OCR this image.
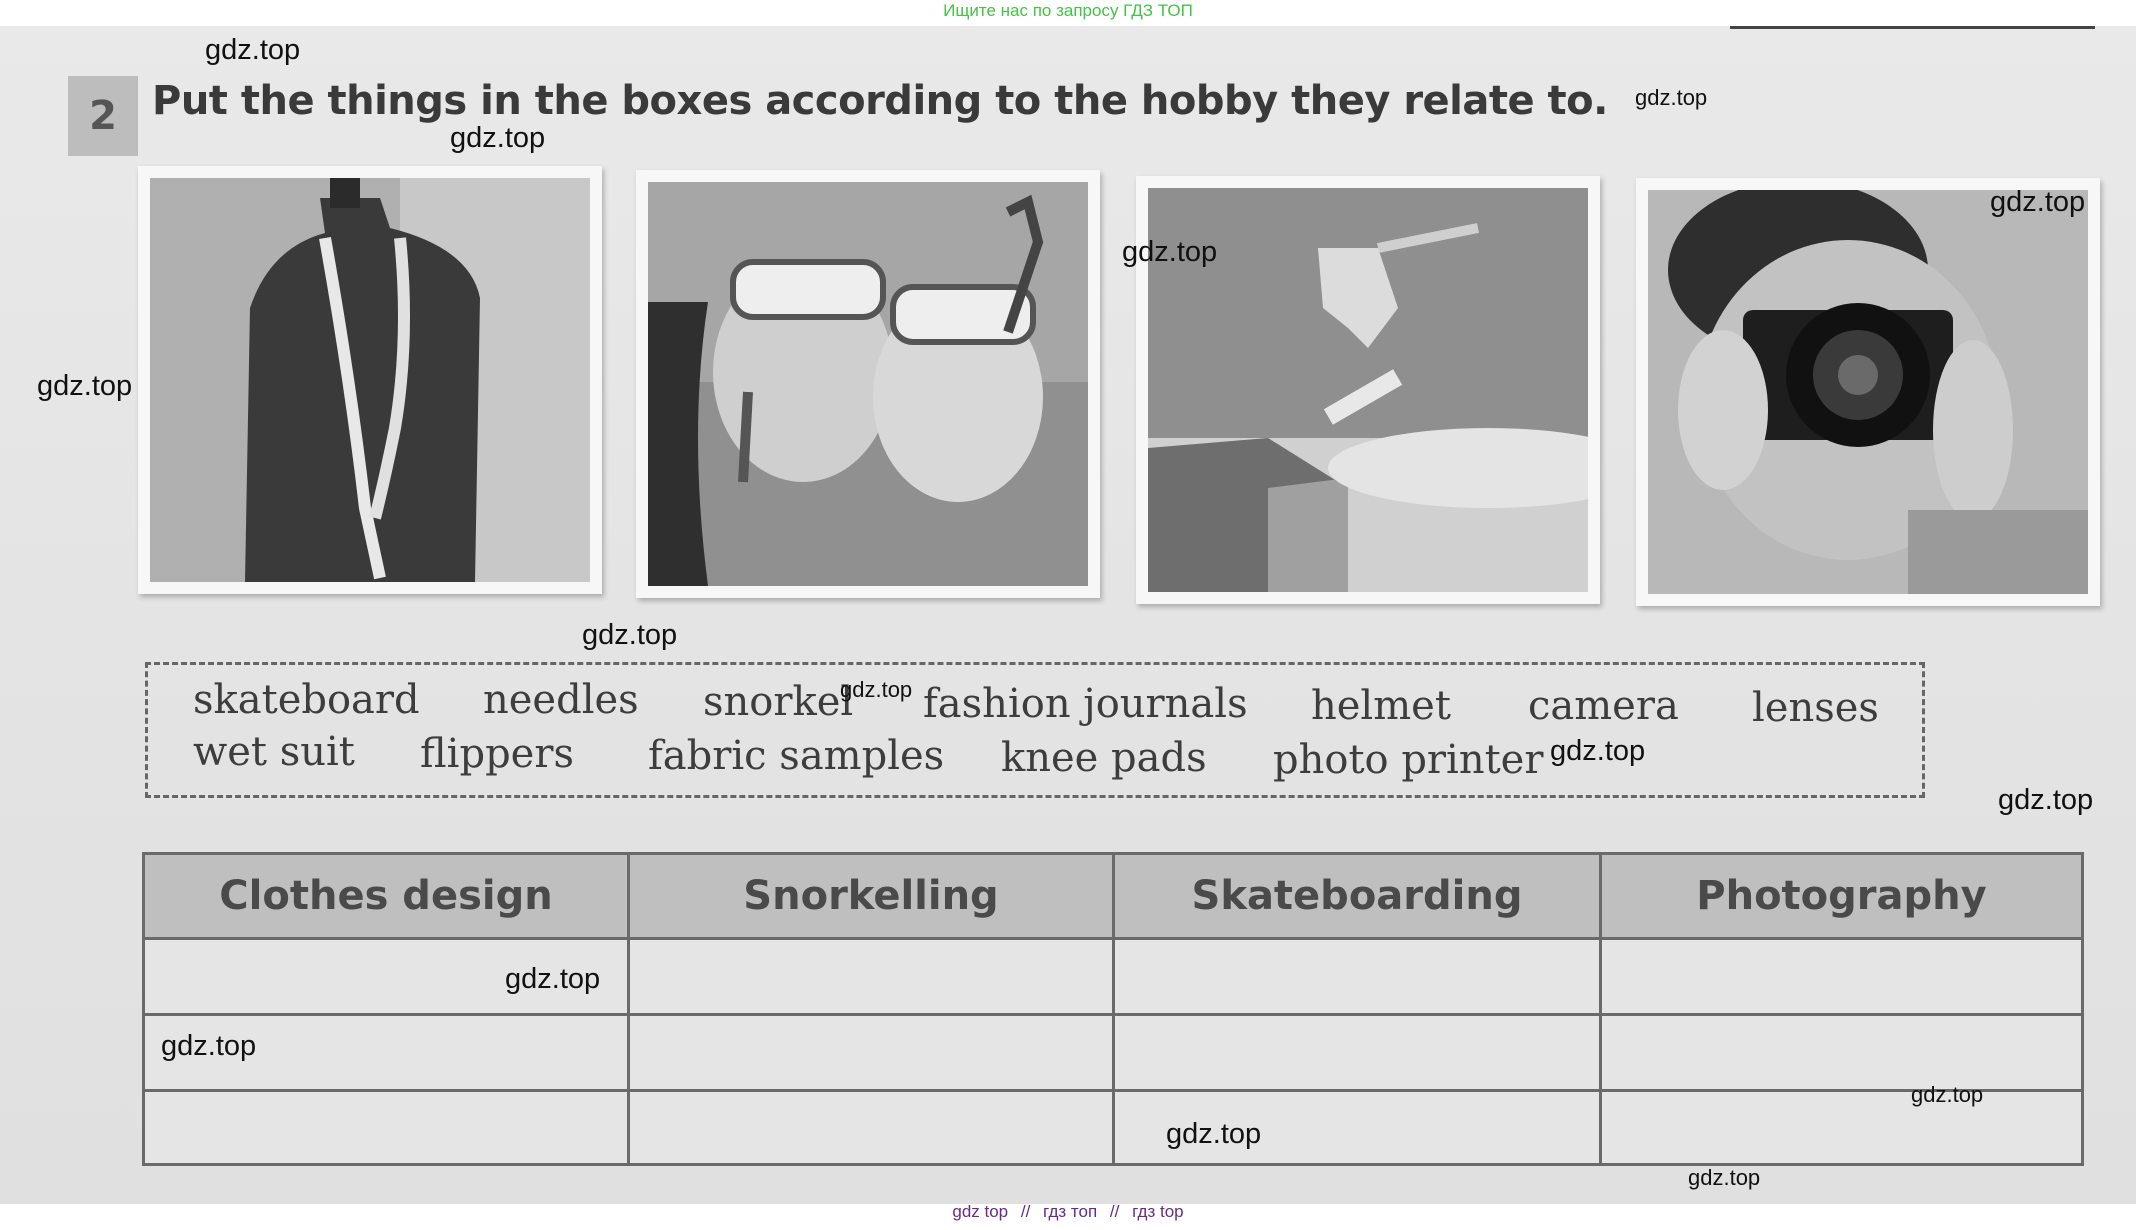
Ищите нас по запросу ГДЗ ТОП
2 Put the things in the boxes according to the hobby they relate to.
skateboard needles snorkel fashion journals helmet camera lenses
wet suit flippers fabric samples knee pads photo printer
Clothes design	Snorkelling	Skateboarding	Photography
gdz.top
gdz.top
gdz.top
gdz.top
gdz.top
gdz.top
gdz.top
gdz.top
gdz.top
gdz.top
gdz.top
gdz.top
gdz.top
gdz.top
gdz.top
gdz top // гдз топ // гдз top
